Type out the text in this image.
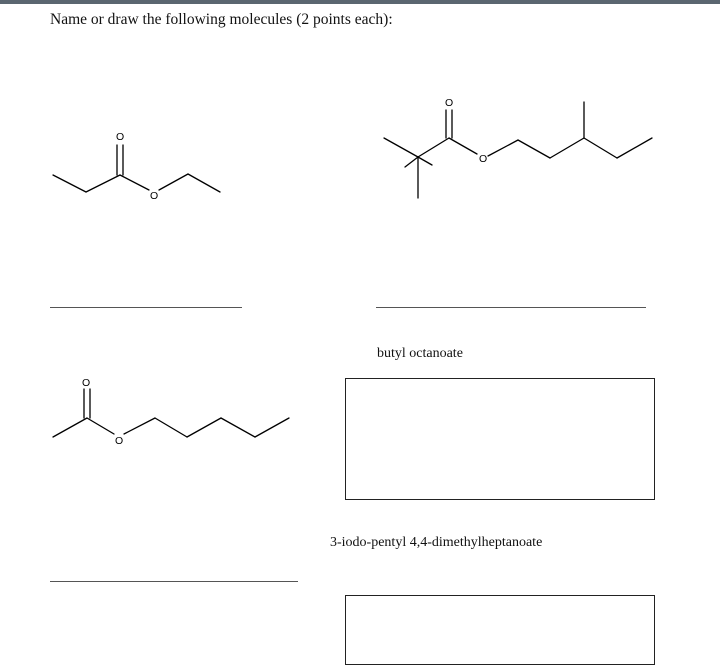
Name or draw the following molecules (2 points each):
O
O
O
O
butyl octanoate
O
O
3-iodo-pentyl 4,4-dimethylheptanoate
